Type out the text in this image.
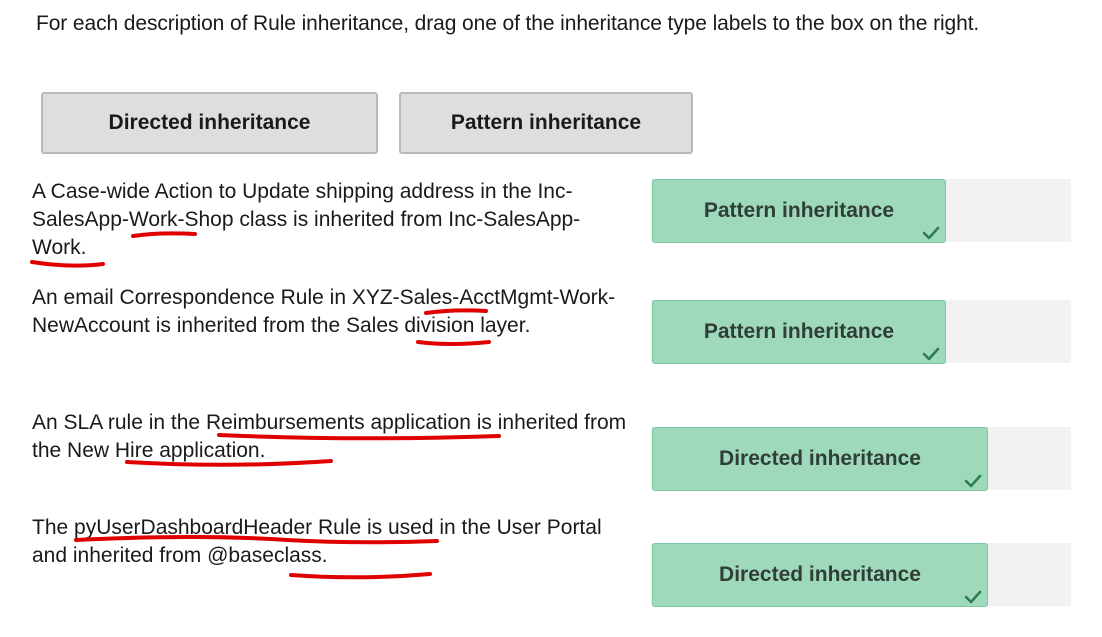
For each description of Rule inheritance, drag one of the inheritance type labels to the box on the right.
Directed inheritance	Pattern inheritance
A Case-wide Action to Update shipping address in the Inc-SalesApp-Work-Shop class is inherited from Inc-SalesApp-Work.
An email Correspondence Rule in XYZ-Sales-AcctMgmt-Work-NewAccount is inherited from the Sales division layer.
An SLA rule in the Reimbursements application is inherited from the New Hire application.
The pyUserDashboardHeader Rule is used in the User Portal and inherited from @baseclass.
Pattern inheritance
Pattern inheritance
Directed inheritance
Directed inheritance
